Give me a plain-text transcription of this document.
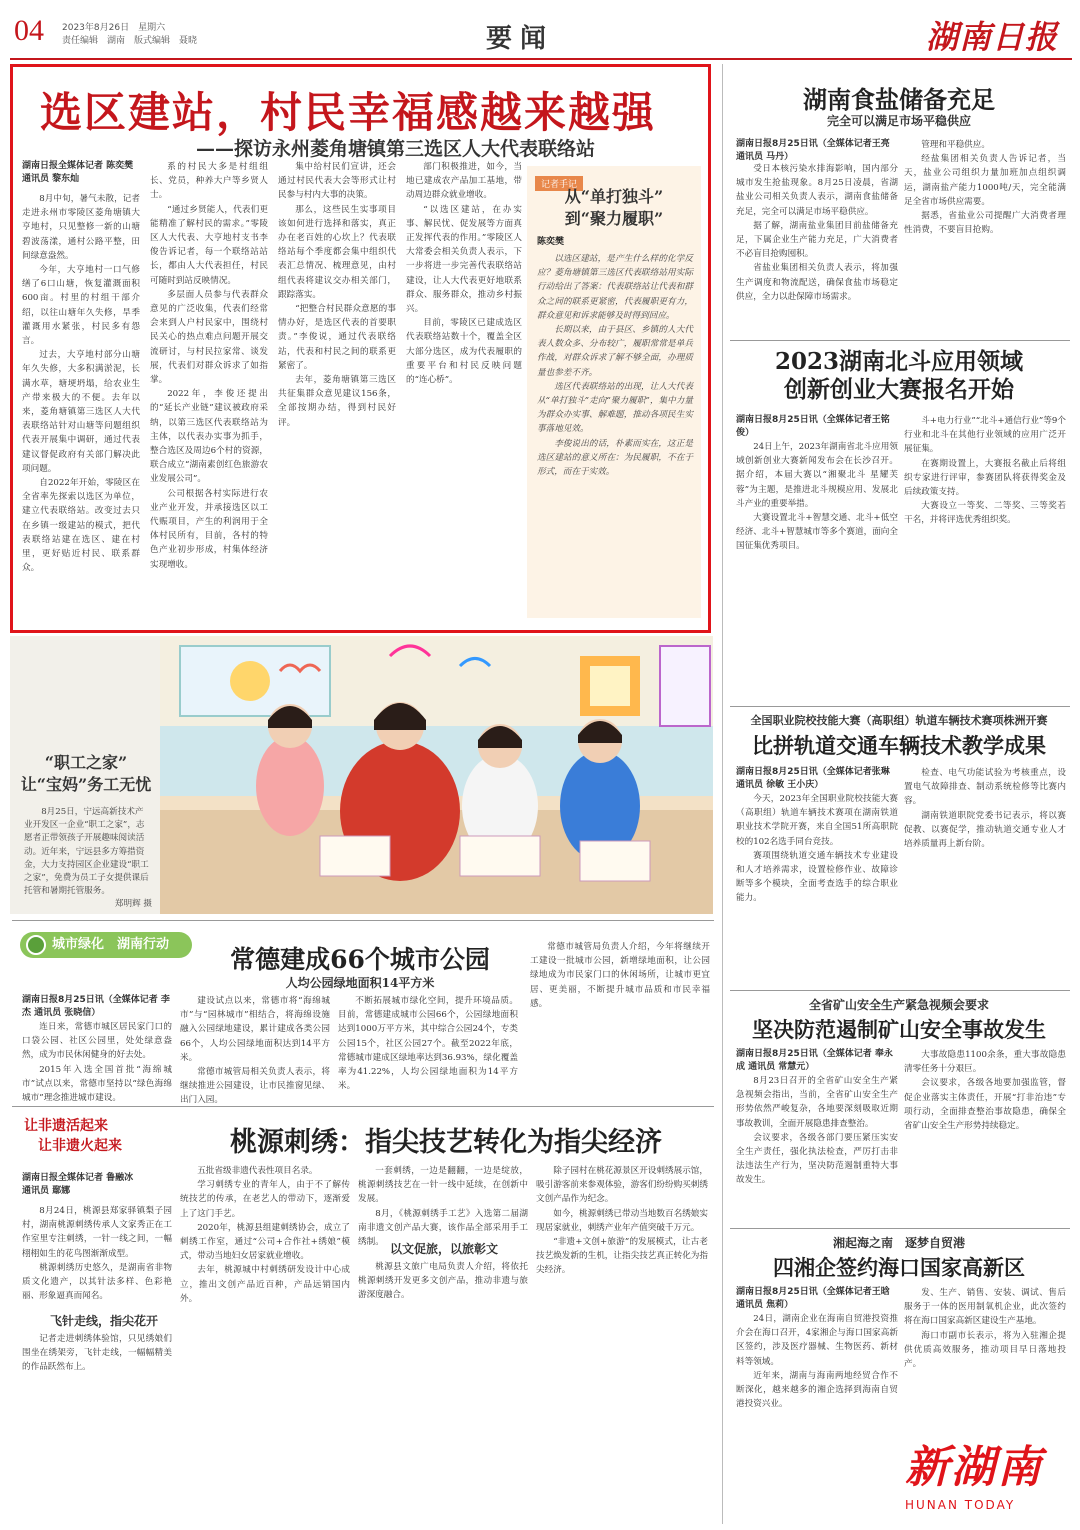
04 2023年8月26日　星期六
责任编辑　湖南　版式编辑　聂晓	要闻	湖南日报
选区建站，村民幸福感越来越强
——探访永州菱角塘镇第三选区人大代表联络站
湖南日报全媒体记者 陈奕樊
通讯员 黎东灿

8月中旬，暑气未散，记者走进永州市零陵区菱角塘镇大亨地村，只见整修一新的山塘碧波荡漾，通村公路平整，田间绿意盎然。

今年，大亨地村一口气修缮了6口山塘，恢复灌溉面积600亩。村里的村组干部介绍，以往山塘年久失修，旱季灌溉用水紧张，村民多有怨言。

过去，大亨地村部分山塘年久失修，大多积满淤泥，长满水草，塘埂坍塌，给农业生产带来极大的不便。去年以来，菱角塘镇第三选区人大代表联络站针对山塘等问题组织代表开展集中调研，通过代表建议督促政府有关部门解决此项问题。

自2022年开始，零陵区在全省率先探索以选区为单位，建立代表联络站。改变过去只在乡镇一级建站的模式，把代表联络站建在选区、建在村里，更好贴近村民、联系群众。

系的村民大多是村组组长、党员，种养大户等乡贤人士。

“通过乡贤能人，代表们更能精准了解村民的需求。”零陵区人大代表、大亨地村支书李俊告诉记者，每一个联络站站长，都由人大代表担任，村民可随时到站反映情况。

多层面人员参与代表群众意见的广泛收集，代表们经常会来到人户村民家中，围绕村民关心的热点难点问题开展交流研讨，与村民拉家常、谈发展，代表们对群众诉求了如指掌。

2022年，李俊还提出的“延长产业链”建议被政府采纳，以第三选区代表联络站为主体，以代表办实事为抓手，整合选区及周边6个村的资源，联合成立“湖南素创红色旅游农业发展公司”。

公司根据各村实际进行农业产业开发，并承接选区以工代赈项目，产生的利润用于全体村民所有，目前，各村的特色产业初步形成，村集体经济实现增收。

集中给村民们宣讲，还会通过村民代表大会等形式让村民参与村内大事的决策。

那么，这些民生实事项目该如何进行选择和落实，真正办在老百姓的心坎上？代表联络站每个季度都会集中组织代表汇总情况、梳理意见，由村组代表将建议交办相关部门，跟踪落实。

“把整合村民群众意愿的事情办好，是选区代表的首要职责。”李俊说，通过代表联络站，代表和村民之间的联系更紧密了。

去年，菱角塘镇第三选区共征集群众意见建议156条，全部按期办结，得到村民好评。

部门积极推进，如今，当地已建成农产品加工基地，带动周边群众就业增收。

“以选区建站，在办实事、解民忧、促发展等方面真正发挥代表的作用。”零陵区人大常委会相关负责人表示，下一步将进一步完善代表联络站建设，让人大代表更好地联系群众、服务群众，推动乡村振兴。

目前，零陵区已建成选区代表联络站数十个，覆盖全区大部分选区，成为代表履职的重要平台和村民反映问题的“连心桥”。

记者手记
从“单打独斗”
到“聚力履职”
陈奕樊

以选区建站，是产生什么样的化学反应？菱角塘镇第三选区代表联络站用实际行动给出了答案：代表联络站让代表和群众之间的联系更紧密，代表履职更有力，群众意见和诉求能够及时得到回应。

长期以来，由于县区、乡镇的人大代表人数众多、分布较广，履职常常是单兵作战，对群众诉求了解不够全面，办理质量也参差不齐。

选区代表联络站的出现，让人大代表从“单打独斗”走向“聚力履职”，集中力量为群众办实事、解难题，推动各项民生实事落地见效。

李俊说出的话，朴素而实在，这正是选区建站的意义所在：为民履职，不在于形式，而在于实效。

“职工之家”
让“宝妈”务工无忧

8月25日，宁远高新技术产业开发区一企业“职工之家”，志愿者正带领孩子开展趣味阅读活动。近年来，宁远县多方筹措资金，大力支持园区企业建设“职工之家”，免费为员工子女提供课后托管和暑期托管服务。

郑明辉 摄

湖南食盐储备充足
完全可以满足市场平稳供应
湖南日报8月25日讯（全媒体记者王亮 通讯员 马丹）

受日本核污染水排海影响，国内部分城市发生抢盐现象。8月25日凌晨，省湖盐业公司相关负责人表示，湖南食盐储备充足，完全可以满足市场平稳供应。

据了解，湖南盐业集团目前盐储备充足，下属企业生产能力充足，广大消费者不必盲目抢购囤积。

省盐业集团相关负责人表示，将加强生产调度和物流配送，确保食盐市场稳定供应，全力以赴保障市场需求。

管理和平稳供应。

经盐集团相关负责人告诉记者，当天，盐业公司组织力量加班加点组织调运，湖南盐产能力1000吨/天，完全能满足全省市场供应需要。

据悉，省盐业公司提醒广大消费者理性消费，不要盲目抢购。

2023湖南北斗应用领域
创新创业大赛报名开始
湖南日报8月25日讯（全媒体记者王铭俊）

24日上午，2023年湖南省北斗应用领域创新创业大赛新闻发布会在长沙召开。据介绍，本届大赛以“湘聚北斗 星耀芙蓉”为主题，是推进北斗规模应用、发展北斗产业的重要举措。

大赛设置北斗+智慧交通、北斗+低空经济、北斗+智慧城市等多个赛道，面向全国征集优秀项目。

斗+电力行业”“北斗+通信行业”等9个行业和北斗在其他行业领域的应用广泛开展征集。

在赛期设置上，大赛报名截止后将组织专家进行评审，参赛团队将获得奖金及后续政策支持。

大赛设立一等奖、二等奖、三等奖若干名，并将评选优秀组织奖。

全国职业院校技能大赛（高职组）轨道车辆技术赛项株洲开赛
比拼轨道交通车辆技术教学成果
湖南日报8月25日讯（全媒体记者张琳 通讯员 徐敏 王小庆）

今天，2023年全国职业院校技能大赛（高职组）轨道车辆技术赛项在湖南铁道职业技术学院开赛，来自全国51所高职院校的102名选手同台竞技。

赛项围绕轨道交通车辆技术专业建设和人才培养需求，设置检修作业、故障诊断等多个模块，全面考查选手的综合职业能力。

检查、电气功能试验为考核重点，设置电气故障排查、制动系统检修等比赛内容。

湖南铁道职院党委书记表示，将以赛促教、以赛促学，推动轨道交通专业人才培养质量再上新台阶。

全省矿山安全生产紧急视频会要求
坚决防范遏制矿山安全事故发生
湖南日报8月25日讯（全媒体记者 奉永成 通讯员 常慧元）

8月23日召开的全省矿山安全生产紧急视频会指出，当前，全省矿山安全生产形势依然严峻复杂，各地要深刻吸取近期事故教训，全面开展隐患排查整治。

会议要求，各级各部门要压紧压实安全生产责任，强化执法检查，严厉打击非法违法生产行为，坚决防范遏制重特大事故发生。

大事故隐患1100余条，重大事故隐患清零任务十分艰巨。

会议要求，各级各地要加强监管，督促企业落实主体责任，开展“打非治违”专项行动，全面排查整治事故隐患，确保全省矿山安全生产形势持续稳定。

湘起海之南　逐梦自贸港
四湘企签约海口国家高新区
湖南日报8月25日讯（全媒体记者王晗 通讯员 焦莉）

24日，湖南企业在海南自贸港投资推介会在海口召开，4家湘企与海口国家高新区签约，涉及医疗器械、生物医药、新材料等领域。

近年来，湖南与海南两地经贸合作不断深化，越来越多的湘企选择到海南自贸港投资兴业。

发、生产、销售、安装、调试、售后服务于一体的医用制氧机企业，此次签约将在海口国家高新区建设生产基地。

海口市副市长表示，将为入驻湘企提供优质高效服务，推动项目早日落地投产。

城市绿化　湖南行动
常德建成66个城市公园
人均公园绿地面积14平方米
湖南日报8月25日讯（全媒体记者 李杰 通讯员 张晓信）

连日来，常德市城区居民家门口的口袋公园、社区公园里，处处绿意盎然，成为市民休闲健身的好去处。

2015年入选全国首批“海绵城市”试点以来，常德市坚持以“绿色海绵城市”理念推进城市建设。

建设试点以来，常德市将“海绵城市”与“园林城市”相结合，将海绵设施融入公园绿地建设，累计建成各类公园66个，人均公园绿地面积达到14平方米。

常德市城管局相关负责人表示，将继续推进公园建设，让市民推窗见绿、出门入园。

不断拓展城市绿化空间，提升环境品质。目前，常德建成城市公园66个，公园绿地面积达到1000万平方米，其中综合公园24个，专类公园15个，社区公园27个。截至2022年底，常德城市建成区绿地率达到36.93%，绿化覆盖率为41.22%，人均公园绿地面积为14平方米。

常德市城管局负责人介绍，今年将继续开工建设一批城市公园，新增绿地面积，让公园绿地成为市民家门口的休闲场所，让城市更宜居、更美丽，不断提升城市品质和市民幸福感。

让非遗活起来
让非遗火起来	桃源刺绣：指尖技艺转化为指尖经济
湖南日报全媒体记者 鲁融冰
通讯员 鄢娜

8月24日，桃源县郑家驿镇梨子园村，湖南桃源刺绣传承人文家秀正在工作室里专注刺绣，一针一线之间，一幅栩栩如生的花鸟图渐渐成型。

桃源刺绣历史悠久，是湖南省非物质文化遗产，以其针法多样、色彩艳丽、形象逼真而闻名。

飞针走线，指尖花开

记者走进刺绣体验馆，只见绣娘们围坐在绣架旁，飞针走线，一幅幅精美的作品跃然布上。

五批省级非遗代表性项目名录。

学习刺绣专业的青年人，由于不了解传统技艺的传承，在老艺人的带动下，逐渐爱上了这门手艺。

2020年，桃源县组建刺绣协会，成立了刺绣工作室，通过“公司+合作社+绣娘”模式，带动当地妇女居家就业增收。

去年，桃源城中村刺绣研发设计中心成立，推出文创产品近百种，产品远销国内外。

一套刺绣，一边是翻翻，一边是绽放，桃源刺绣技艺在一针一线中延续，在创新中发展。

8月，《桃源刺绣手工艺》入选第二届湖南非遗文创产品大赛，该作品全部采用手工绣制。 以文促旅，以旅彰文

桃源县文旅广电局负责人介绍，将依托桃源刺绣开发更多文创产品，推动非遗与旅游深度融合。

除子园村在桃花源景区开设刺绣展示馆，吸引游客前来参观体验，游客们纷纷购买刺绣文创产品作为纪念。

如今，桃源刺绣已带动当地数百名绣娘实现居家就业，刺绣产业年产值突破千万元。

“非遗+文创+旅游”的发展模式，让古老技艺焕发新的生机，让指尖技艺真正转化为指尖经济。

新湖南
HUNAN TODAY
